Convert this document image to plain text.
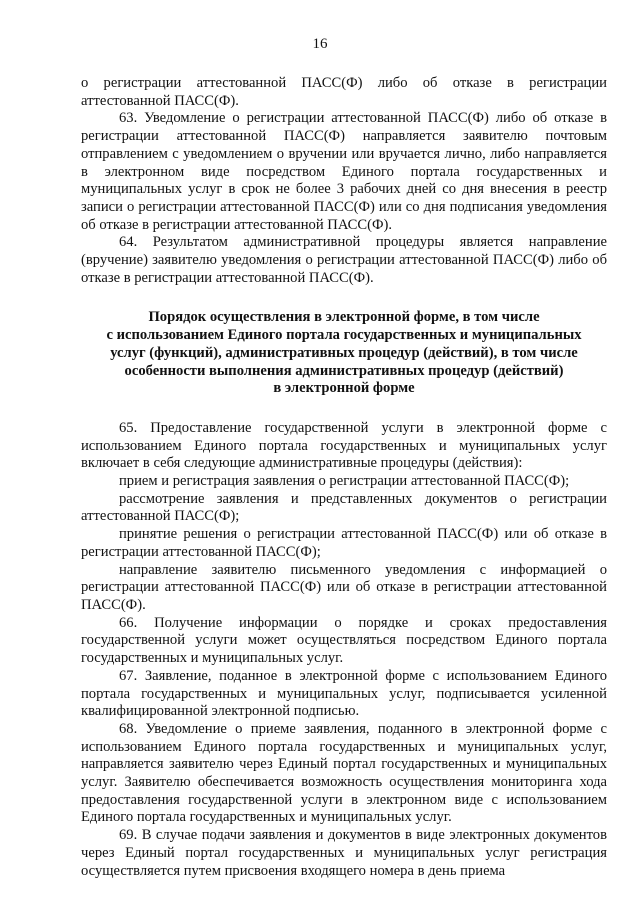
16

о регистрации аттестованной ПАСС(Ф) либо об отказе в регистрации аттестованной ПАСС(Ф).

63. Уведомление о регистрации аттестованной ПАСС(Ф) либо об отказе в регистрации аттестованной ПАСС(Ф) направляется заявителю почтовым отправлением с уведомлением о вручении или вручается лично, либо направляется в электронном виде посредством Единого портала государственных и муниципальных услуг в срок не более 3 рабочих дней со дня внесения в реестр записи о регистрации аттестованной ПАСС(Ф) или со дня подписания уведомления об отказе в регистрации аттестованной ПАСС(Ф).

64. Результатом административной процедуры является направление (вручение) заявителю уведомления о регистрации аттестованной ПАСС(Ф) либо об отказе в регистрации аттестованной ПАСС(Ф).

Порядок осуществления в электронной форме, в том числе
с использованием Единого портала государственных и муниципальных
услуг (функций), административных процедур (действий), в том числе
особенности выполнения административных процедур (действий)
в электронной форме

65. Предоставление государственной услуги в электронной форме с использованием Единого портала государственных и муниципальных услуг включает в себя следующие административные процедуры (действия):

прием и регистрация заявления о регистрации аттестованной ПАСС(Ф);

рассмотрение заявления и представленных документов о регистрации аттестованной ПАСС(Ф);

принятие решения о регистрации аттестованной ПАСС(Ф) или об отказе в регистрации аттестованной ПАСС(Ф);

направление заявителю письменного уведомления с информацией о регистрации аттестованной ПАСС(Ф) или об отказе в регистрации аттестованной ПАСС(Ф).

66. Получение информации о порядке и сроках предоставления государственной услуги может осуществляться посредством Единого портала государственных и муниципальных услуг.

67. Заявление, поданное в электронной форме с использованием Единого портала государственных и муниципальных услуг, подписывается усиленной квалифицированной электронной подписью.

68. Уведомление о приеме заявления, поданного в электронной форме с использованием Единого портала государственных и муниципальных услуг, направляется заявителю через Единый портал государственных и муниципальных услуг. Заявителю обеспечивается возможность осуществления мониторинга хода предоставления государственной услуги в электронном виде с использованием Единого портала государственных и муниципальных услуг.

69. В случае подачи заявления и документов в виде электронных документов через Единый портал государственных и муниципальных услуг регистрация осуществляется путем присвоения входящего номера в день приема
